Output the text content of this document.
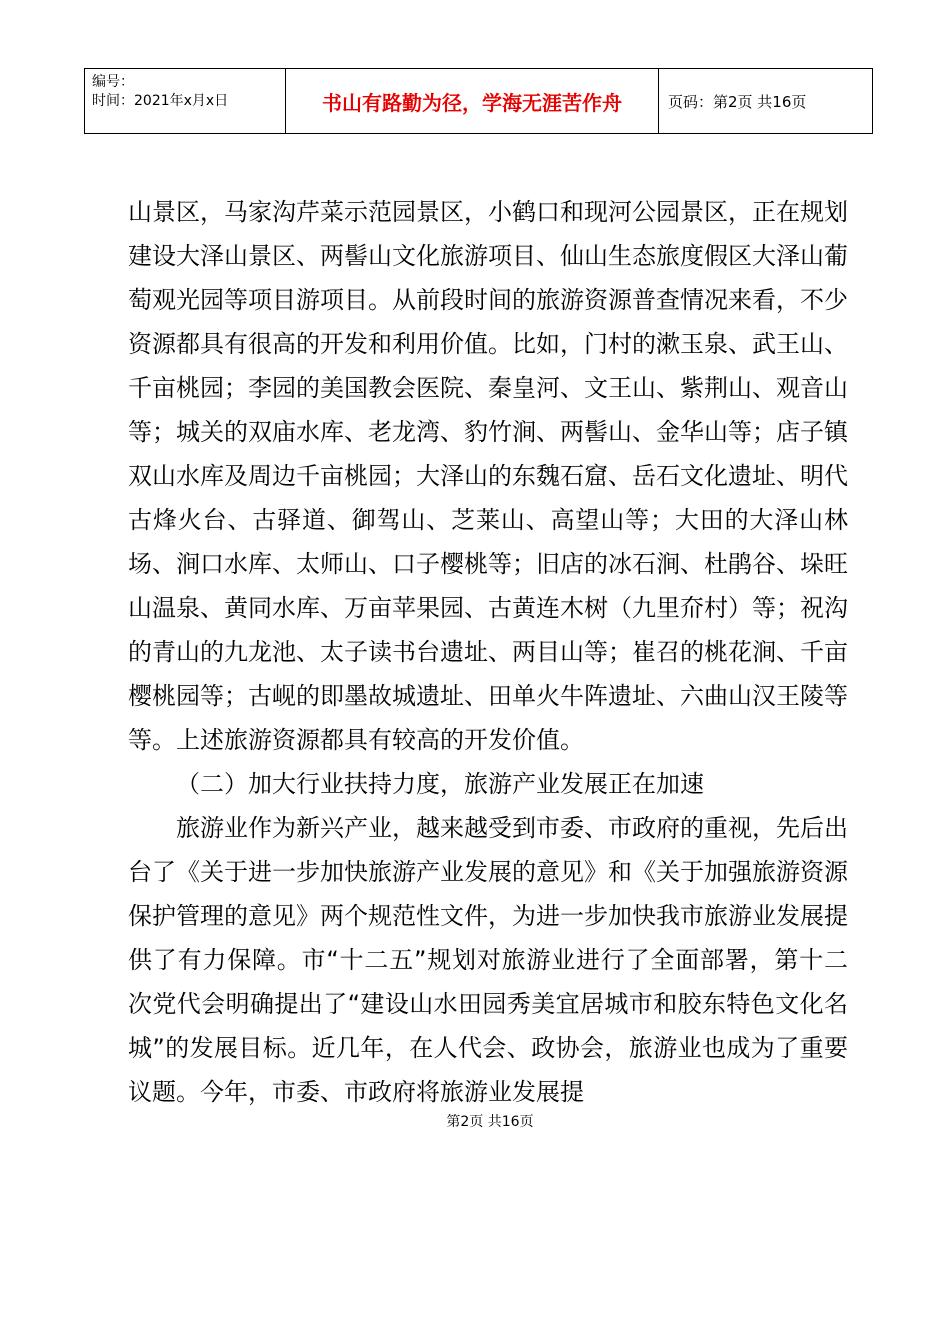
编号：
时间：2021年x月x日	书山有路勤为径，学海无涯苦作舟	页码：第2页 共16页

山景区，马家沟芹菜示范园景区，小鹤口和现河公园景区，正在规划建设大泽山景区、两髻山文化旅游项目、仙山生态旅度假区大泽山葡萄观光园等项目游项目。从前段时间的旅游资源普查情况来看，不少资源都具有很高的开发和利用价值。比如，门村的漱玉泉、武王山、千亩桃园；李园的美国教会医院、秦皇河、文王山、紫荆山、观音山等；城关的双庙水库、老龙湾、豹竹涧、两髻山、金华山等；店子镇双山水库及周边千亩桃园；大泽山的东魏石窟、岳石文化遗址、明代古烽火台、古驿道、御驾山、芝莱山、高望山等；大田的大泽山林场、涧口水库、太师山、口子樱桃等；旧店的冰石涧、杜鹃谷、垛旺山温泉、黄同水库、万亩苹果园、古黄连木树（九里夼村）等；祝沟的青山的九龙池、太子读书台遗址、两目山等；崔召的桃花涧、千亩樱桃园等；古岘的即墨故城遗址、田单火牛阵遗址、六曲山汉王陵等等。上述旅游资源都具有较高的开发价值。

（二）加大行业扶持力度，旅游产业发展正在加速

旅游业作为新兴产业，越来越受到市委、市政府的重视，先后出台了《关于进一步加快旅游产业发展的意见》和《关于加强旅游资源保护管理的意见》两个规范性文件，为进一步加快我市旅游业发展提供了有力保障。市“十二五”规划对旅游业进行了全面部署，第十二次党代会明确提出了“建设山水田园秀美宜居城市和胶东特色文化名城”的发展目标。近几年，在人代会、政协会，旅游业也成为了重要议题。今年，市委、市政府将旅游业发展提

第2页 共16页
